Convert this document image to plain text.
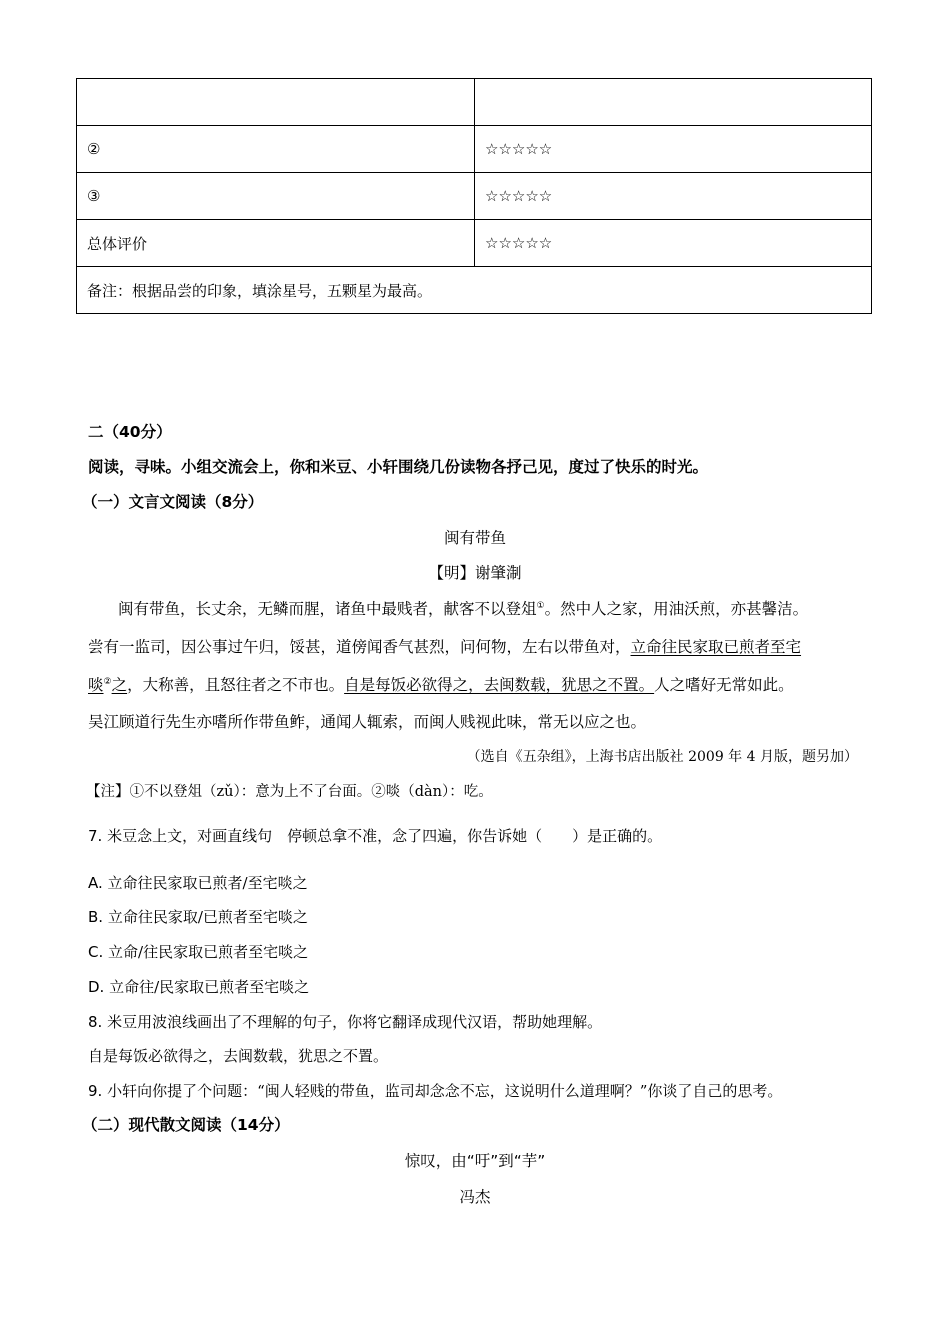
②	☆☆☆☆☆
③	☆☆☆☆☆
总体评价	☆☆☆☆☆
备注：根据品尝的印象，填涂星号，五颗星为最高。	
二（40分）
阅读，寻味。小组交流会上，你和米豆、小轩围绕几份读物各抒己见，度过了快乐的时光。
（一）文言文阅读（8分）
闽有带鱼
【明】谢肇淛
闽有带鱼，长丈余，无鳞而腥，诸鱼中最贱者，献客不以登俎①。然中人之家，用油沃煎，亦甚馨洁。
尝有一监司，因公事过午归，馁甚，道傍闻香气甚烈，问何物，左右以带鱼对，立命往民家取已煎者至宅
啖②之，大称善，且怒往者之不市也。自是每饭必欲得之，去闽数载，犹思之不置。人之嗜好无常如此。
吴江顾道行先生亦嗜所作带鱼鲊，通闻人辄索，而闽人贱视此味，常无以应之也。
（选自《五杂组》，上海书店出版社 2009 年 4 月版，题另加）
【注】①不以登俎（zǔ）：意为上不了台面。②啖（dàn）：吃。
7. 米豆念上文，对画直线句　停顿总拿不准，念了四遍，你告诉她（　　）是正确的。
A. 立命往民家取已煎者/至宅啖之
B. 立命往民家取/已煎者至宅啖之
C. 立命/往民家取已煎者至宅啖之
D. 立命往/民家取已煎者至宅啖之
8. 米豆用波浪线画出了不理解的句子，你将它翻译成现代汉语，帮助她理解。
自是每饭必欲得之，去闽数载，犹思之不置。
9. 小轩向你提了个问题：“闽人轻贱的带鱼，监司却念念不忘，这说明什么道理啊？”你谈了自己的思考。
（二）现代散文阅读（14分）
惊叹，由“吁”到“芋”
冯杰
